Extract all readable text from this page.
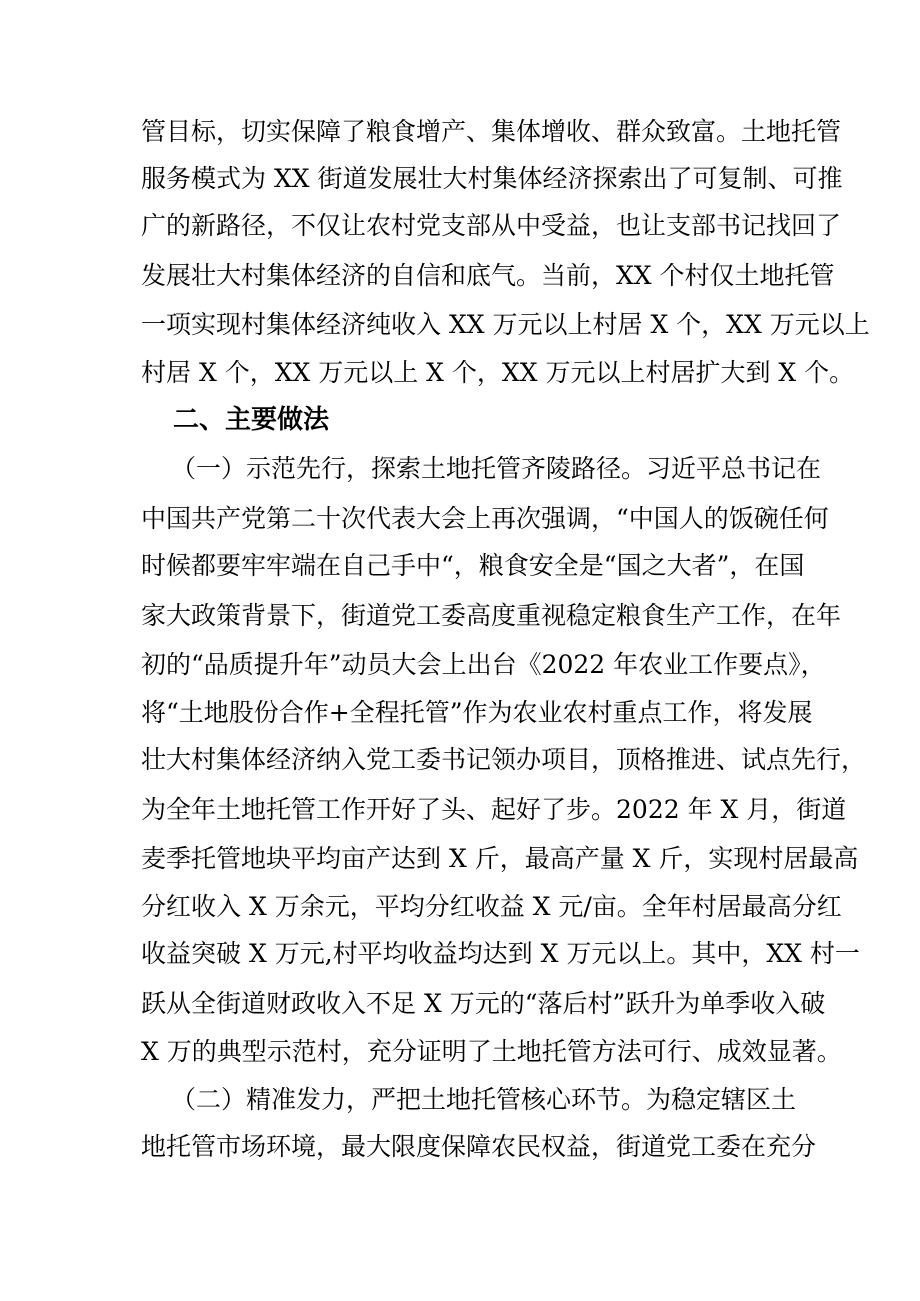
管目标，切实保障了粮食增产、集体增收、群众致富。土地托管
服务模式为 XX 街道发展壮大村集体经济探索出了可复制、可推
广的新路径，不仅让农村党支部从中受益，也让支部书记找回了
发展壮大村集体经济的自信和底气。当前，XX 个村仅土地托管
一项实现村集体经济纯收入 XX 万元以上村居 X 个，XX 万元以上
村居 X 个，XX 万元以上 X 个，XX 万元以上村居扩大到 X 个。
二、主要做法
（一）示范先行，探索土地托管齐陵路径。习近平总书记在
中国共产党第二十次代表大会上再次强调，“中国人的饭碗任何
时候都要牢牢端在自己手中“，粮食安全是“国之大者”，在国
家大政策背景下，街道党工委高度重视稳定粮食生产工作，在年
初的“品质提升年”动员大会上出台《2022 年农业工作要点》，
将“土地股份合作+全程托管”作为农业农村重点工作，将发展
壮大村集体经济纳入党工委书记领办项目，顶格推进、试点先行，
为全年土地托管工作开好了头、起好了步。2022 年 X 月，街道
麦季托管地块平均亩产达到 X 斤，最高产量 X 斤，实现村居最高
分红收入 X 万余元，平均分红收益 X 元/亩。全年村居最高分红
收益突破 X 万元,村平均收益均达到 X 万元以上。其中，XX 村一
跃从全街道财政收入不足 X 万元的“落后村”跃升为单季收入破
X 万的典型示范村，充分证明了土地托管方法可行、成效显著。
（二）精准发力，严把土地托管核心环节。为稳定辖区土
地托管市场环境，最大限度保障农民权益，街道党工委在充分
